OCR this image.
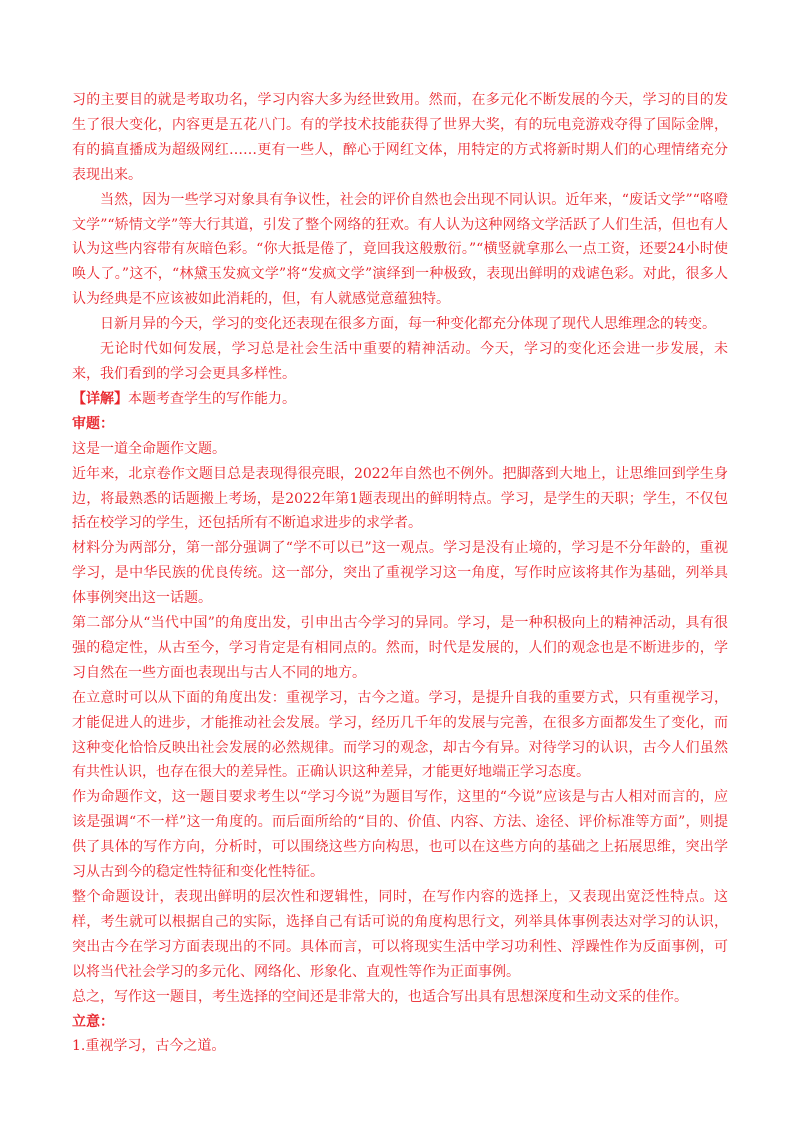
习的主要目的就是考取功名，学习内容大多为经世致用。然而，在多元化不断发展的今天，学习的目的发生了很大变化，内容更是五花八门。有的学技术技能获得了世界大奖，有的玩电竞游戏夺得了国际金牌，有的搞直播成为超级网红……更有一些人，醉心于网红文体，用特定的方式将新时期人们的心理情绪充分表现出来。

当然，因为一些学习对象具有争议性，社会的评价自然也会出现不同认识。近年来，“废话文学”“咯噔文学”“矫情文学”等大行其道，引发了整个网络的狂欢。有人认为这种网络文学活跃了人们生活，但也有人认为这些内容带有灰暗色彩。“你大抵是倦了，竟回我这般敷衍。”“横竖就拿那么一点工资，还要24小时使唤人了。”这不，“林黛玉发疯文学”将“发疯文学”演绎到一种极致，表现出鲜明的戏谑色彩。对此，很多人认为经典是不应该被如此消耗的，但，有人就感觉意蕴独特。

日新月异的今天，学习的变化还表现在很多方面，每一种变化都充分体现了现代人思维理念的转变。

无论时代如何发展，学习总是社会生活中重要的精神活动。今天，学习的变化还会进一步发展，未来，我们看到的学习会更具多样性。

【详解】本题考查学生的写作能力。

审题：

这是一道全命题作文题。

近年来，北京卷作文题目总是表现得很亮眼，2022年自然也不例外。把脚落到大地上，让思维回到学生身边，将最熟悉的话题搬上考场，是2022年第1题表现出的鲜明特点。学习，是学生的天职；学生，不仅包括在校学习的学生，还包括所有不断追求进步的求学者。

材料分为两部分，第一部分强调了“学不可以已”这一观点。学习是没有止境的，学习是不分年龄的，重视学习，是中华民族的优良传统。这一部分，突出了重视学习这一角度，写作时应该将其作为基础，列举具体事例突出这一话题。

第二部分从“当代中国”的角度出发，引申出古今学习的异同。学习，是一种积极向上的精神活动，具有很强的稳定性，从古至今，学习肯定是有相同点的。然而，时代是发展的，人们的观念也是不断进步的，学习自然在一些方面也表现出与古人不同的地方。

在立意时可以从下面的角度出发：重视学习，古今之道。学习，是提升自我的重要方式，只有重视学习，才能促进人的进步，才能推动社会发展。学习，经历几千年的发展与完善，在很多方面都发生了变化，而这种变化恰恰反映出社会发展的必然规律。而学习的观念，却古今有异。对待学习的认识，古今人们虽然有共性认识，也存在很大的差异性。正确认识这种差异，才能更好地端正学习态度。

作为命题作文，这一题目要求考生以“学习今说”为题目写作，这里的“今说”应该是与古人相对而言的，应该是强调“不一样”这一角度的。而后面所给的“目的、价值、内容、方法、途径、评价标准等方面”，则提供了具体的写作方向，分析时，可以围绕这些方向构思，也可以在这些方向的基础之上拓展思维，突出学习从古到今的稳定性特征和变化性特征。

整个命题设计，表现出鲜明的层次性和逻辑性，同时，在写作内容的选择上，又表现出宽泛性特点。这样，考生就可以根据自己的实际，选择自己有话可说的角度构思行文，列举具体事例表达对学习的认识，突出古今在学习方面表现出的不同。具体而言，可以将现实生活中学习功利性、浮躁性作为反面事例，可以将当代社会学习的多元化、网络化、形象化、直观性等作为正面事例。

总之，写作这一题目，考生选择的空间还是非常大的，也适合写出具有思想深度和生动文采的佳作。

立意：

1.重视学习，古今之道。
